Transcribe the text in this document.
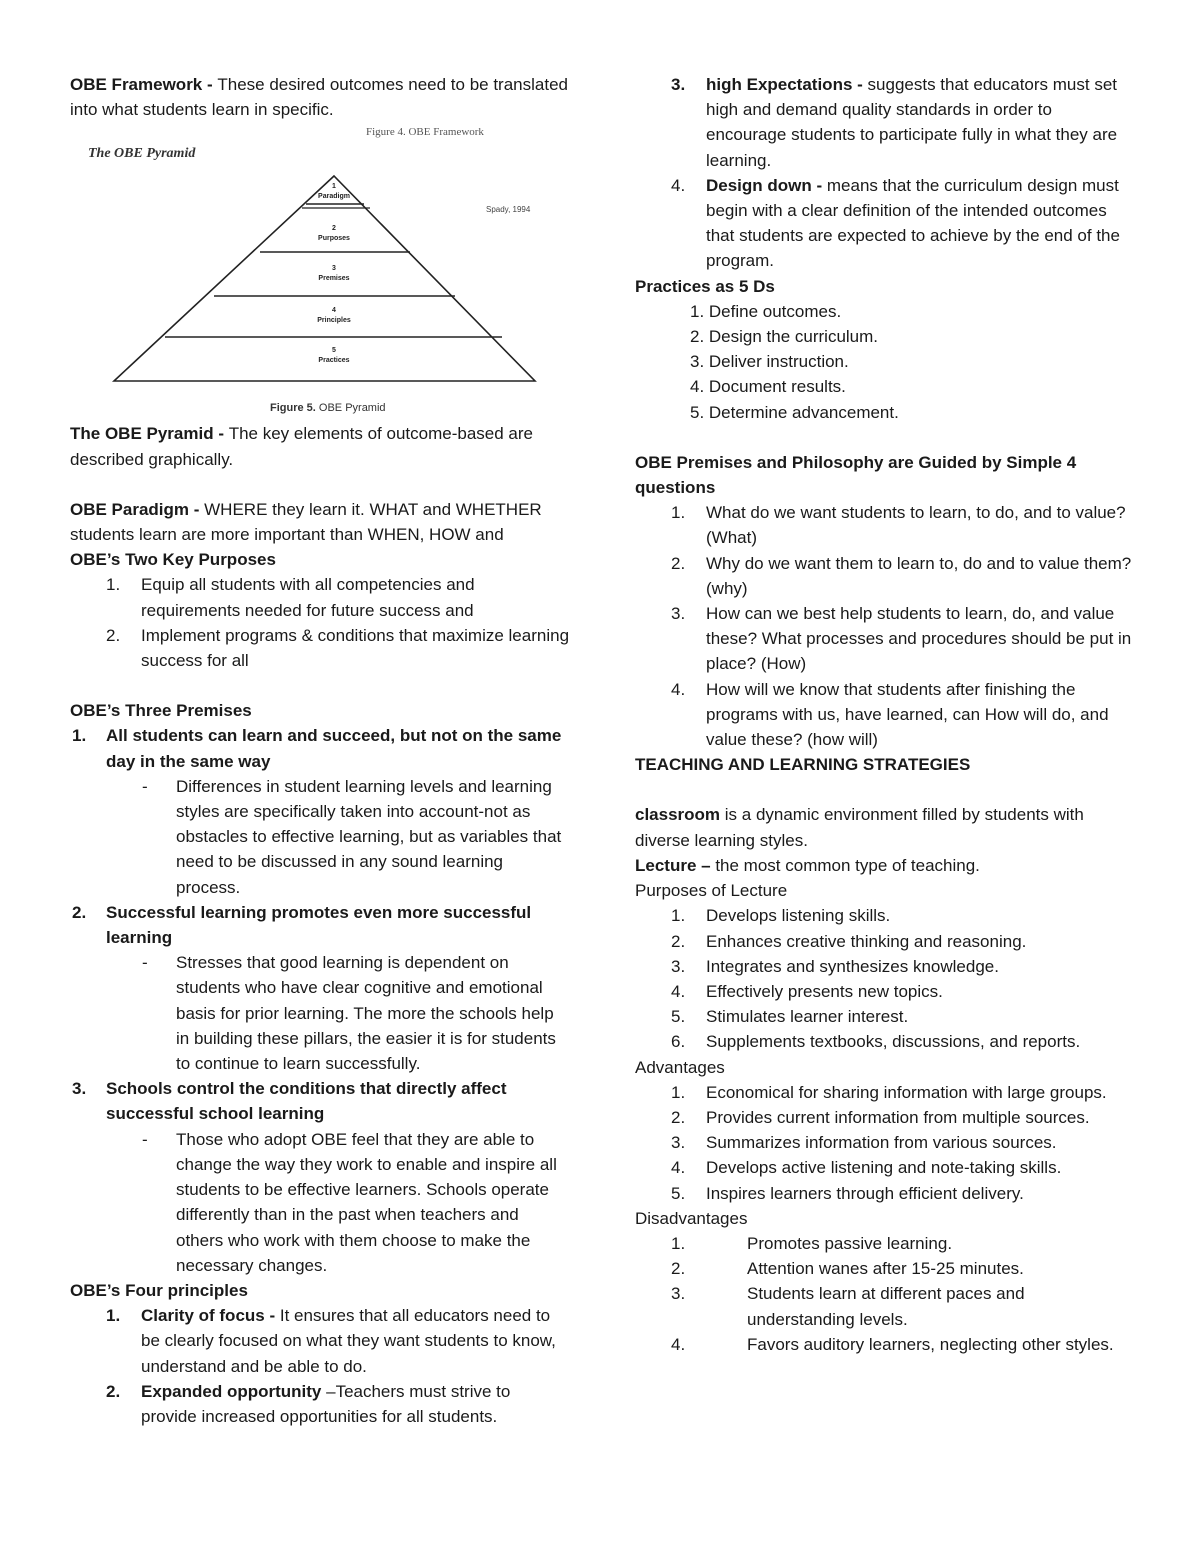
OBE Framework - These desired outcomes need to be translated into what students learn in specific.

Figure 4. OBE Framework
The OBE Pyramid
Spady, 1994
1
Paradigm
2
Purposes
3
Premises
4
Principles
5
Practices
Figure 5. OBE Pyramid

The OBE Pyramid - The key elements of outcome-based are described graphically.

OBE Paradigm - WHERE they learn it. WHAT and WHETHER students learn are more important than WHEN, HOW and

OBE’s Two Key Purposes

1. Equip all students with all competencies and requirements needed for future success and
2. Implement programs & conditions that maximize learning success for all

OBE’s Three Premises

1. All students can learn and succeed, but not on the same day in the same way
- Differences in student learning levels and learning styles are specifically taken into account-not as obstacles to effective learning, but as variables that need to be discussed in any sound learning process.
2. Successful learning promotes even more successful learning
- Stresses that good learning is dependent on students who have clear cognitive and emotional basis for prior learning. The more the schools help in building these pillars, the easier it is for students to continue to learn successfully.
3. Schools control the conditions that directly affect successful school learning
- Those who adopt OBE feel that they are able to change the way they work to enable and inspire all students to be effective learners. Schools operate differently than in the past when teachers and others who work with them choose to make the necessary changes.

OBE’s Four principles

1. Clarity of focus - It ensures that all educators need to be clearly focused on what they want students to know, understand and be able to do.
2. Expanded opportunity –Teachers must strive to provide increased opportunities for all students.
3. high Expectations - suggests that educators must set high and demand quality standards in order to encourage students to participate fully in what they are learning.
4. Design down - means that the curriculum design must begin with a clear definition of the intended outcomes that students are expected to achieve by the end of the program.

Practices as 5 Ds

1. Define outcomes.
2. Design the curriculum.
3. Deliver instruction.
4. Document results.
5. Determine advancement.

OBE Premises and Philosophy are Guided by Simple 4 questions

1. What do we want students to learn, to do, and to value? (What)
2. Why do we want them to learn to, do and to value them? (why)
3. How can we best help students to learn, do, and value these? What processes and procedures should be put in place? (How)
4. How will we know that students after finishing the programs with us, have learned, can How will do, and value these? (how will)

TEACHING AND LEARNING STRATEGIES

classroom is a dynamic environment filled by students with diverse learning styles.

Lecture – the most common type of teaching.

Purposes of Lecture

1. Develops listening skills.
2. Enhances creative thinking and reasoning.
3. Integrates and synthesizes knowledge.
4. Effectively presents new topics.
5. Stimulates learner interest.
6. Supplements textbooks, discussions, and reports.

Advantages

1. Economical for sharing information with large groups.
2. Provides current information from multiple sources.
3. Summarizes information from various sources.
4. Develops active listening and note-taking skills.
5. Inspires learners through efficient delivery.

Disadvantages

1.	Promotes passive learning.
2.	Attention wanes after 15-25 minutes.
3.	Students learn at different paces and understanding levels.
4.	Favors auditory learners, neglecting other styles.
